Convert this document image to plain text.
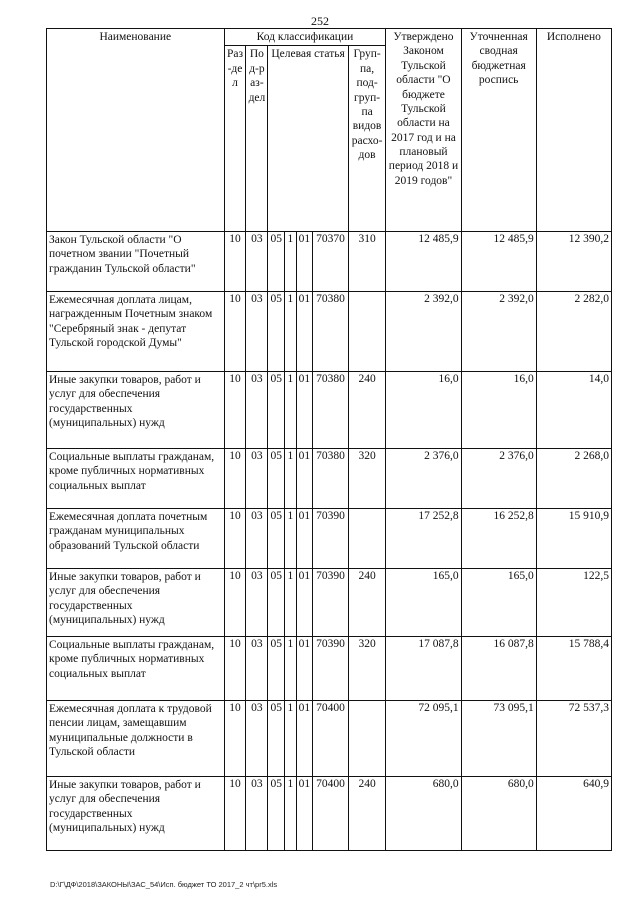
252
Наименование	Код классификации							Утверждено Законом Тульской области "О бюджете Тульской области на 2017 год и на плановый период 2018 и 2019 годов"	Уточненная сводная бюджетная роспись	Исполнено
	Раз-дел	Под-раз-дел	Целевая статья				Груп-па, под-груп-па видов расхо-дов			
Закон Тульской области "О почетном звании "Почетный гражданин Тульской области"	10	03	05	1	01	70370	310	12 485,9	12 485,9	12 390,2
Ежемесячная доплата лицам, награжденным Почетным знаком "Серебряный знак - депутат Тульской городской Думы"	10	03	05	1	01	70380		2 392,0	2 392,0	2 282,0
Иные закупки товаров, работ и услуг для обеспечения государственных (муниципальных) нужд	10	03	05	1	01	70380	240	16,0	16,0	14,0
Социальные выплаты гражданам, кроме публичных нормативных социальных выплат	10	03	05	1	01	70380	320	2 376,0	2 376,0	2 268,0
Ежемесячная доплата почетным гражданам муниципальных образований Тульской области	10	03	05	1	01	70390		17 252,8	16 252,8	15 910,9
Иные закупки товаров, работ и услуг для обеспечения государственных (муниципальных) нужд	10	03	05	1	01	70390	240	165,0	165,0	122,5
Социальные выплаты гражданам, кроме публичных нормативных социальных выплат	10	03	05	1	01	70390	320	17 087,8	16 087,8	15 788,4
Ежемесячная доплата к трудовой пенсии лицам, замещавшим муниципальные должности в Тульской области	10	03	05	1	01	70400		72 095,1	73 095,1	72 537,3
Иные закупки товаров, работ и услуг для обеспечения государственных (муниципальных) нужд	10	03	05	1	01	70400	240	680,0	680,0	640,9
D:\Г\ДФ\2018\ЗАКОНЫ\ЗАС_54\Исп. бюджет ТО 2017_2 чт\pr5.xls
